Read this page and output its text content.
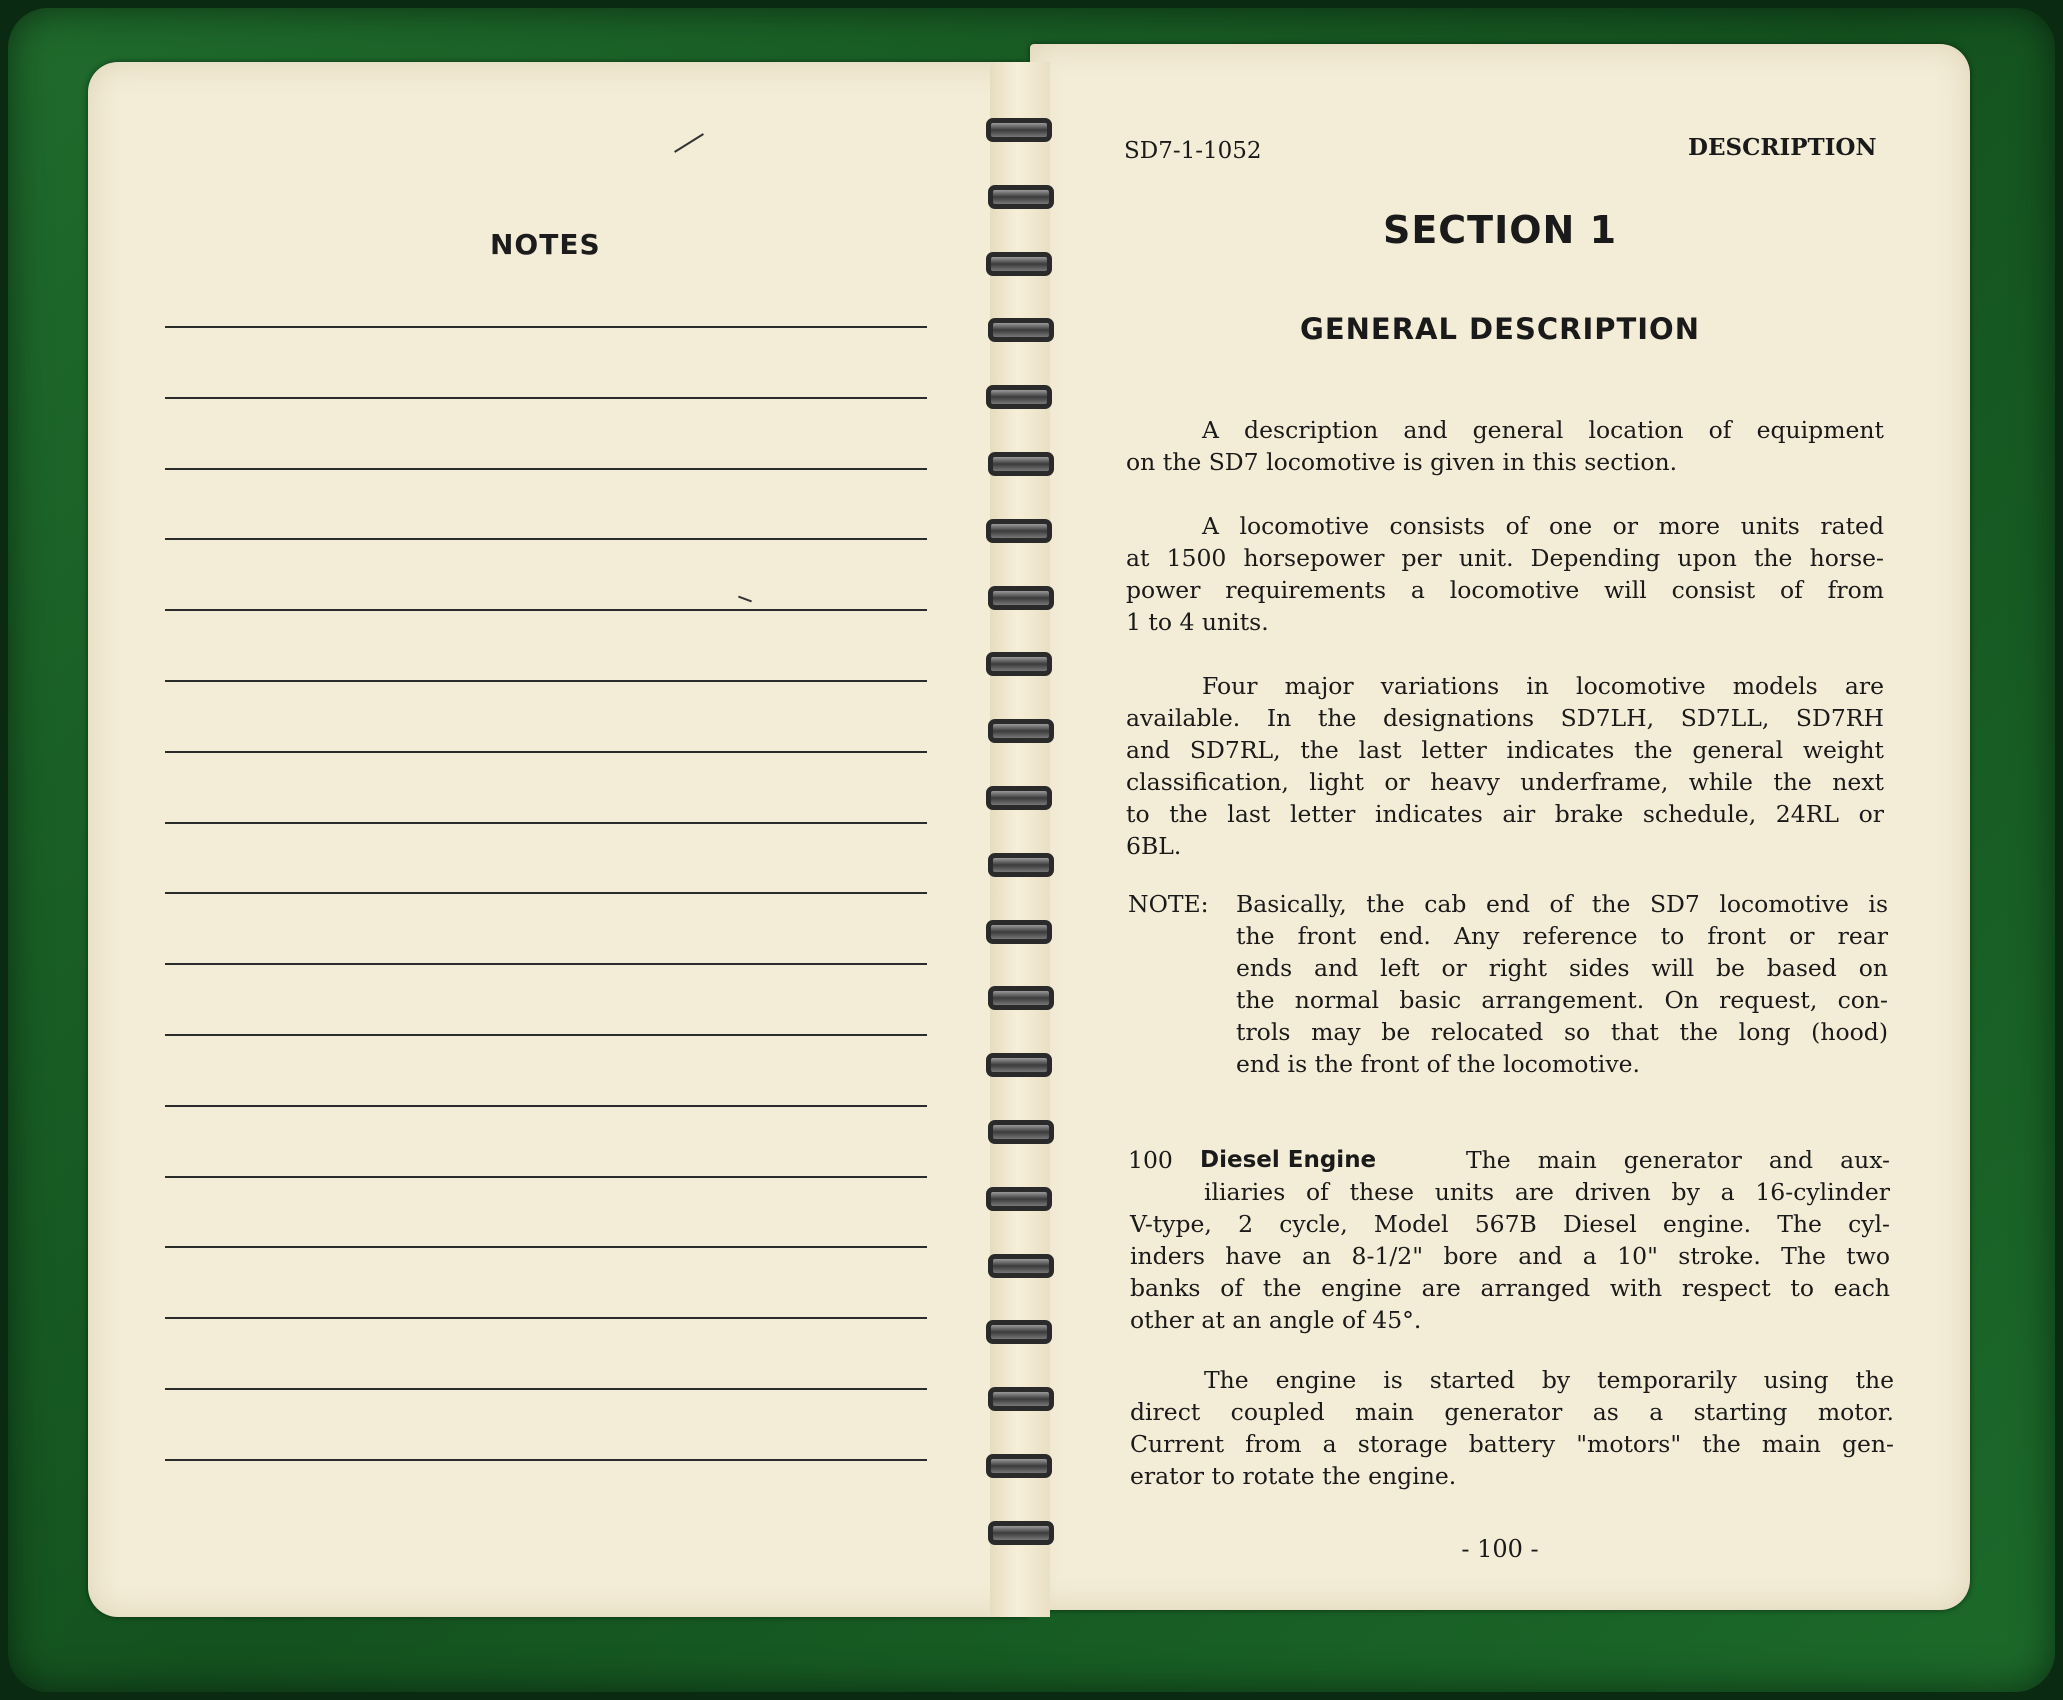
NOTES
SD7-1-1052	DESCRIPTION
SECTION 1
GENERAL DESCRIPTION
A description and general location of equipment
on the SD7 locomotive is given in this section.
A locomotive consists of one or more units rated
at 1500 horsepower per unit. Depending upon the horse-
power requirements a locomotive will consist of from
1 to 4 units.
Four major variations in locomotive models are
available. In the designations SD7LH, SD7LL, SD7RH
and SD7RL, the last letter indicates the general weight
classification, light or heavy underframe, while the next
to the last letter indicates air brake schedule, 24RL or
6BL.
NOTE: Basically, the cab end of the SD7 locomotive is
the front end. Any reference to front or rear
ends and left or right sides will be based on
the normal basic arrangement. On request, con-
trols may be relocated so that the long (hood)
end is the front of the locomotive.
100 Diesel Engine	The main generator and aux-
iliaries of these units are driven by a 16-cylinder
V-type, 2 cycle, Model 567B Diesel engine. The cyl-
inders have an 8-1/2" bore and a 10" stroke. The two
banks of the engine are arranged with respect to each
other at an angle of 45°.
The engine is started by temporarily using the
direct coupled main generator as a starting motor.
Current from a storage battery "motors" the main gen-
erator to rotate the engine.
- 100 -
